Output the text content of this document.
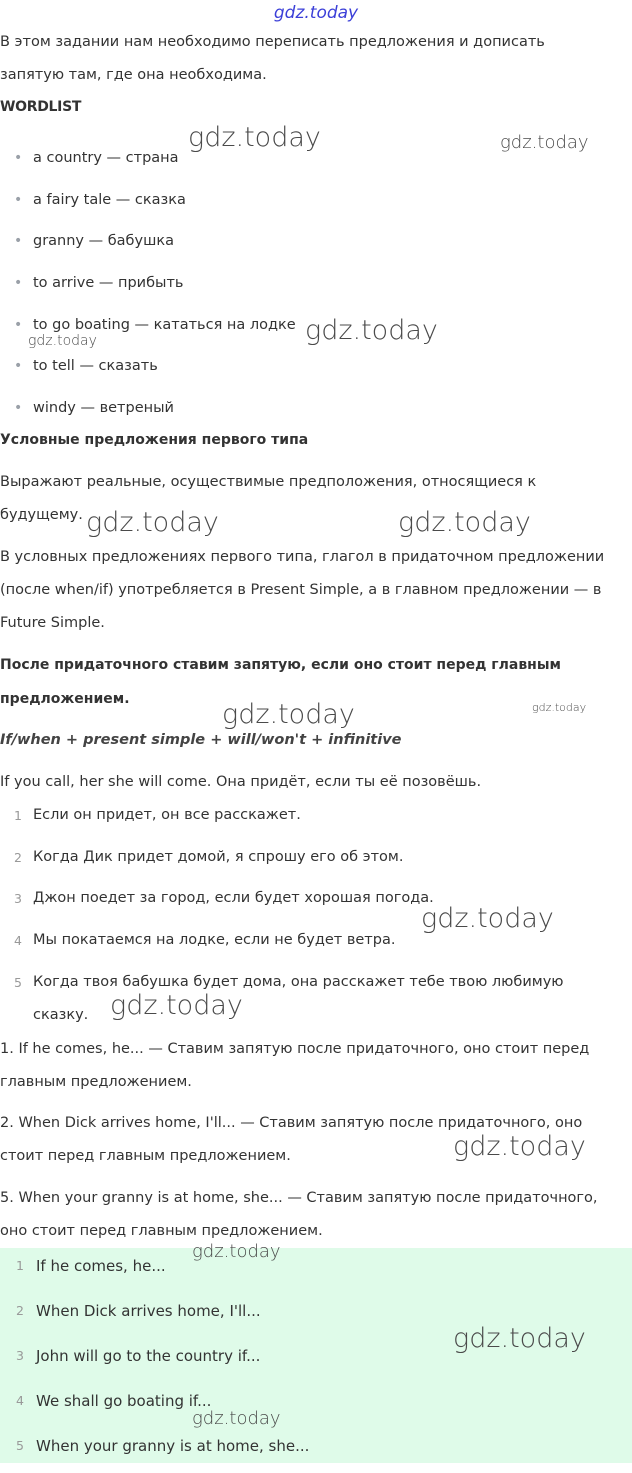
gdz.today

В этом задании нам необходимо переписать предложения и дописать

запятую там, где она необходима.

WORDLIST

• a country — страна
• a fairy tale — сказка
• granny — бабушка
• to arrive — прибыть
• to go boating — кататься на лодке
• to tell — сказать
• windy — ветреный

Условные предложения первого типа

Выражают реальные, осуществимые предположения, относящиеся к

будущему.

В условных предложениях первого типа, глагол в придаточном предложении

(после when/if) употребляется в Present Simple, а в главном предложении — в

Future Simple.

После придаточного ставим запятую, если оно стоит перед главным

предложением.

If/when + present simple + will/won't + infinitive

If you call, her she will come. Она придёт, если ты её позовёшь.

1 Если он придет, он все расскажет.
2 Когда Дик придет домой, я спрошу его об этом.
3 Джон поедет за город, если будет хорошая погода.
4 Мы покатаемся на лодке, если не будет ветра.
5 Когда твоя бабушка будет дома, она расскажет тебе твою любимую сказку.

1. If he comes, he... — Ставим запятую после придаточного, оно стоит перед

главным предложением.

2. When Dick arrives home, I'll... — Ставим запятую после придаточного, оно

стоит перед главным предложением.

5. When your granny is at home, she... — Ставим запятую после придаточного,

оно стоит перед главным предложением.

1 If he comes, he...
2 When Dick arrives home, I'll...
3 John will go to the country if...
4 We shall go boating if...
5 When your granny is at home, she...
gdz.today	gdz.today
gdz.today
gdz.today
gdz.today	gdz.today
gdz.today	gdz.today
gdz.today
gdz.today
gdz.today
gdz.today
gdz.today
gdz.today
